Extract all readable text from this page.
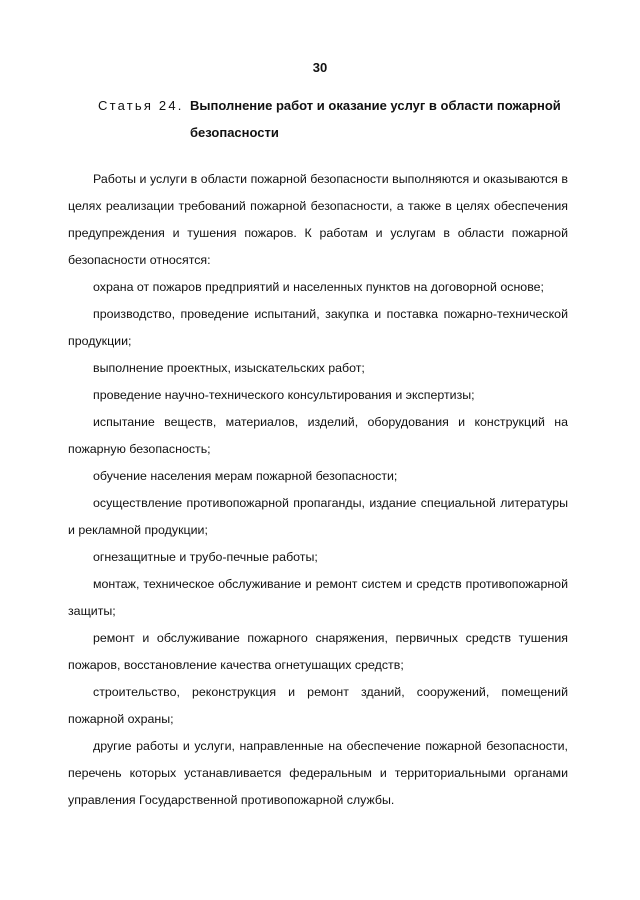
30
Статья 24. Выполнение работ и оказание услуг в области пожарной
безопасности

Работы и услуги в области пожарной безопасности выполняются и оказываются в целях реализации требований пожарной безопасности, а также в целях обеспечения предупреждения и тушения пожаров. К работам и услугам в области пожарной безопасности относятся:

охрана от пожаров предприятий и населенных пунктов на договорной основе;

производство, проведение испытаний, закупка и поставка пожарно-технической продукции;

выполнение проектных, изыскательских работ;

проведение научно-технического консультирования и экспертизы;

испытание веществ, материалов, изделий, оборудования и конструкций на пожарную безопасность;

обучение населения мерам пожарной безопасности;

осуществление противопожарной пропаганды, издание специальной литературы и рекламной продукции;

огнезащитные и трубо-печные работы;

монтаж, техническое обслуживание и ремонт систем и средств противопожарной защиты;

ремонт и обслуживание пожарного снаряжения, первичных средств тушения пожаров, восстановление качества огнетушащих средств;

строительство, реконструкция и ремонт зданий, сооружений, помещений пожарной охраны;

другие работы и услуги, направленные на обеспечение пожарной безопасности, перечень которых устанавливается федеральным и территориальными органами управления Государственной противопожарной службы.
